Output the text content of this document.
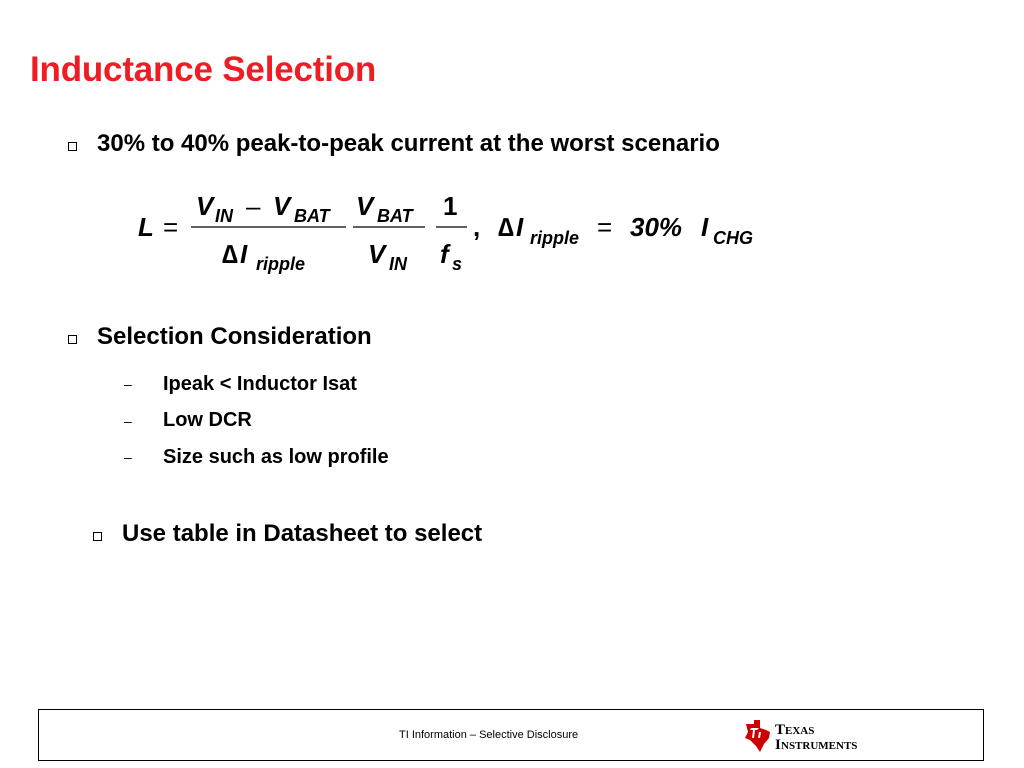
Inductance Selection
30% to 40% peak-to-peak current at the worst scenario
L =
V IN – V BAT
∆ I ripple
V BAT
V IN
1
f s
, ∆ I ripple = 30% I CHG
Selection Consideration
–	Ipeak < Inductor Isat
–	Low DCR
–	Size such as low profile
Use table in Datasheet to select
TI Information – Selective Disclosure	T EXAS
I NSTRUMENTS
